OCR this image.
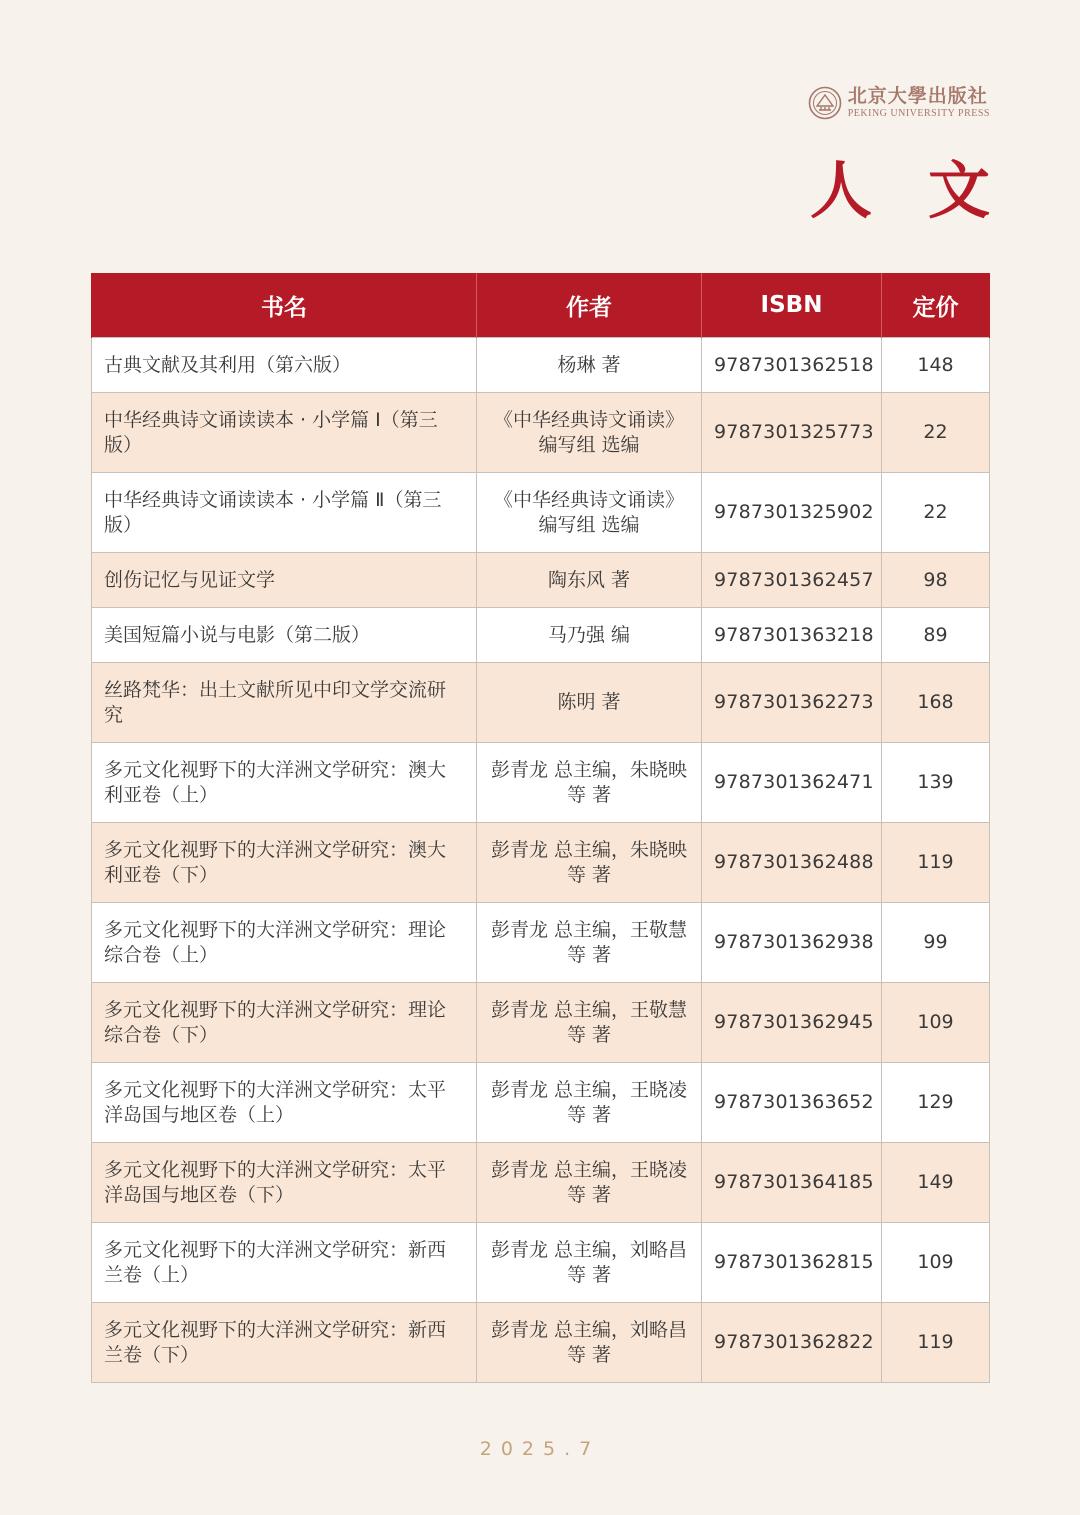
北京大學出版社
PEKING UNIVERSITY PRESS
人文
书名	作者	ISBN	定价
古典文献及其利用（第六版）	杨琳 著	9787301362518	148
中华经典诗文诵读读本 · 小学篇 Ⅰ（第三版）	《中华经典诗文诵读》编写组 选编	9787301325773	22
中华经典诗文诵读读本 · 小学篇 Ⅱ（第三版）	《中华经典诗文诵读》编写组 选编	9787301325902	22
创伤记忆与见证文学	陶东风 著	9787301362457	98
美国短篇小说与电影（第二版）	马乃强 编	9787301363218	89
丝路梵华：出土文献所见中印文学交流研究	陈明 著	9787301362273	168
多元文化视野下的大洋洲文学研究：澳大利亚卷（上）	彭青龙 总主编，朱晓映 等 著	9787301362471	139
多元文化视野下的大洋洲文学研究：澳大利亚卷（下）	彭青龙 总主编，朱晓映 等 著	9787301362488	119
多元文化视野下的大洋洲文学研究：理论综合卷（上）	彭青龙 总主编，王敬慧 等 著	9787301362938	99
多元文化视野下的大洋洲文学研究：理论综合卷（下）	彭青龙 总主编，王敬慧 等 著	9787301362945	109
多元文化视野下的大洋洲文学研究：太平洋岛国与地区卷（上）	彭青龙 总主编，王晓凌 等 著	9787301363652	129
多元文化视野下的大洋洲文学研究：太平洋岛国与地区卷（下）	彭青龙 总主编，王晓凌 等 著	9787301364185	149
多元文化视野下的大洋洲文学研究：新西兰卷（上）	彭青龙 总主编，刘略昌 等 著	9787301362815	109
多元文化视野下的大洋洲文学研究：新西兰卷（下）	彭青龙 总主编，刘略昌 等 著	9787301362822	119
2025.7
